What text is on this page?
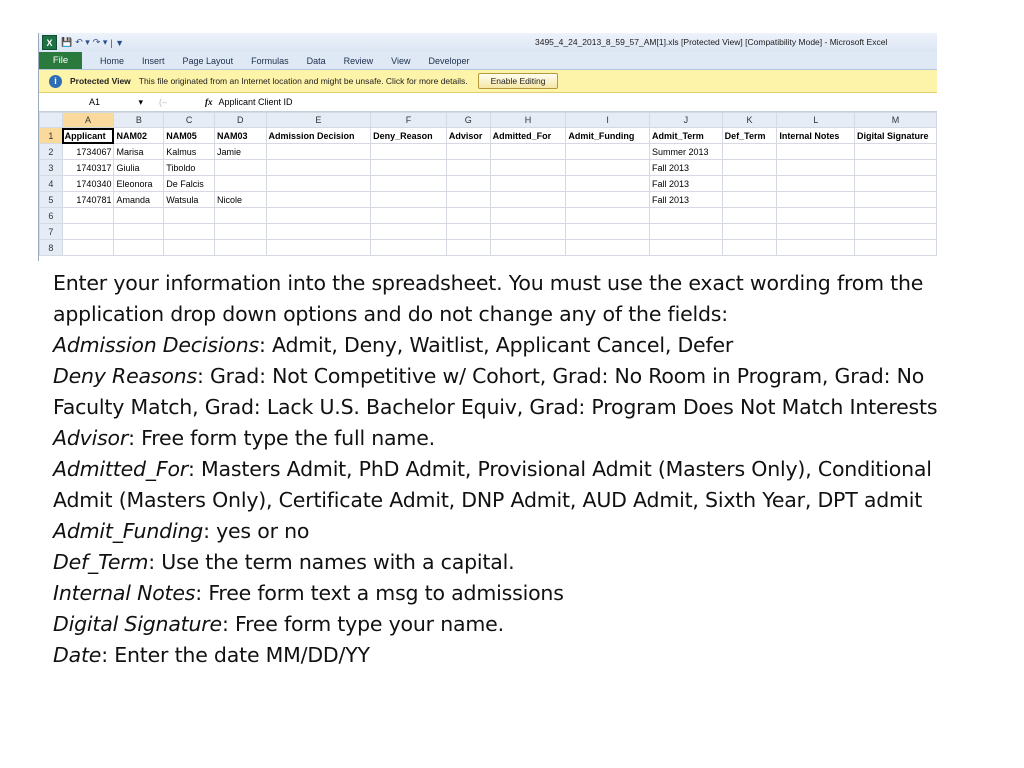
X 💾 ↶ ▾ ↷ ▾ | ▼	3495_4_24_2013_8_59_57_AM[1].xls [Protected View] [Compatibility Mode] - Microsoft Excel
File	Home Insert Page Layout Formulas Data Review View Developer
i	Protected View This file originated from an Internet location and might be unsafe. Click for more details.	Enable Editing
A1	▾ (–	fx Applicant Client ID
	A	B	C	D	E	F	G	H	I	J	K	L	M
1	Applicant	NAM02	NAM05	NAM03	Admission Decision	Deny_Reason	Advisor	Admitted_For	Admit_Funding	Admit_Term	Def_Term	Internal Notes	Digital Signature
2	1734067	Marisa	Kalmus	Jamie						Summer 2013			
3	1740317	Giulia	Tiboldo							Fall 2013			
4	1740340	Eleonora	De Falcis							Fall 2013			
5	1740781	Amanda	Watsula	Nicole						Fall 2013			
6													
7													
8													

Enter your information into the spreadsheet. You must use the exact wording from the application drop down options and do not change any of the fields:

Admission Decisions: Admit, Deny, Waitlist, Applicant Cancel, Defer

Deny Reasons: Grad: Not Competitive w/ Cohort, Grad: No Room in Program, Grad: No Faculty Match, Grad: Lack U.S. Bachelor Equiv, Grad: Program Does Not Match Interests

Advisor: Free form type the full name.

Admitted_For: Masters Admit, PhD Admit, Provisional Admit (Masters Only), Conditional Admit (Masters Only), Certificate Admit, DNP Admit, AUD Admit, Sixth Year, DPT admit

Admit_Funding: yes or no

Def_Term: Use the term names with a capital.

Internal Notes: Free form text a msg to admissions

Digital Signature: Free form type your name.

Date: Enter the date MM/DD/YY
